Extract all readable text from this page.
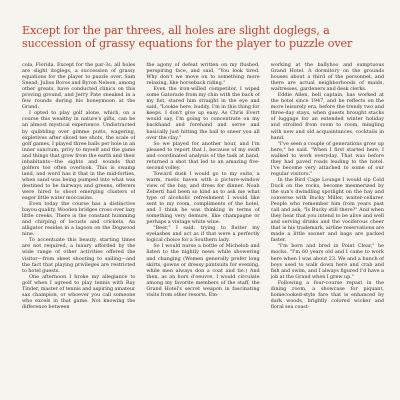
Except for the par threes, all holes are slight doglegs, a succession of grassy equations for the player to puzzle over

cola, Florida. Except for the par-3s, all holes are slight doglegs, a succession of grassy equations for the player to puzzle over. Sam Snead, Julius Boros and Byron Nelson, among other greats, have conducted clinics on this proving ground, and Jerry Pate sneaked in a few rounds during his honeymoon at the Grand.

I opted to play golf alone, which, on a course this wealthy in nature's gifts, can be an almost mystical experience. Undistracted by quibbling over gimme putts, wagering, expletives after sliced tee shots, the scale of golf games, I played three balls per hole in an inner sanctum, privy to myself and the game and things that grow from the earth and their inhabitants—the sights and sounds that golfers too often overlook. This is swamp land, and word has it that in the mid-forties, when sand was being pumped into what was destined to be fairways and greens, offerers were hired to shoot emerging clusters of eager little water moccasins.

Even today the course has a distinctive bayou quality. Wooden bridges cross over lazy little creeks. There is the constant humming and chirping of locusts and crickets. An alligator resides in a lagoon on the Dogwood nine.

To accentuate this beauty, starting times are not required, a luxury afforded by the wide range of other activities offered the visitor—from skeet shooting to sailing—and the fact that playing privileges are restricted to hotel guests.

One afternoon I broke my allegiance to golf when I agreed to play tennis with Ray Tinder, master of tennis and aspiring amateur sax champion, or whoever you call someone who excels in that game. Not knowing the difference between

the agony of defeat written on my flushed, perspiring face, and said, "You look tired. Why don't we move on to something more relaxing, like horseback riding."

Even the iron-willed competitor, I wiped some Gatorade from my chin with the back of my fist, stared him straight in the eye and said, "Lookie here, buddy, I'm in this thing for keeps. I don't give up easy. As Chris Evert would say, I'm going to concentrate on my backhand and forehand and serve and basically just hitting the ball to sneer you all over the clay."

So we played for another hour, and I'm pleased to report that I, because of my swift and coordinated analysis of the task at hand, returned a shot that led to an amazing five-second volley.

Toward dusk I would go to my suite, a warm, rustic haven with a picture-window view of the bay, and dress for dinner. Noah Zeberti had been so kind as to ask me what type of alcoholic refreshment I would like sent to my room, compliments of the hotel, and I think he was thinking in terms of something very demure, like champagne or perhaps a vintage white wine.

"Beer," I said, trying to flutter my eyelashes and act as if that were a perfectly logical choice for a Southern lady.

So I would nurse a bottle of Michelob and listen to the nightly news while showering and changing (Women generally prefer long skirts, gowns or dressy pantsuits for evening, while men always don a coat and tie.) And then, as an hors d'oeuvre, I would circulate among my favorite members of the staff, the Grand Hotel's secret weapon in fascinating visits from other resorts. Em-

working at the ballyhoo and sumptuous Grand Hotel. A dormitory on the grounds houses about a third of the personnel, and there are actual neighborhoods of maids, waitresses, gardeners and desk clerks.

Eddie Allen, bell captain, has worked at the hotel since 1947, and he reflects on the more leisurely era, before the trendy two and three-day stays, when guests brought stacks of luggage for an extended winter holiday and strolled from room to room, mingling with new and old acquaintances, cocktails in hand.

"I've seen a couple of generations grow up here," he said. "When I first started here, I walked to work everyday. That was before they had paved roads leading to the hotel. I've become very attached to some of our regular visitors."

In the Bird Cage Lounge I would sip Cold Duck on the rocks, become mesmerized by the sun's dwindling spotlight on the bay and converse with Bucky Miller, waiter-cellarer. People who remember him from years past call and ask, "Is Bucky still there?" And when they hear that you intend to be alive and well and serving drinks and the vociferous cheer that is his trademark, airline reservations are made a little sooner and bags are packed faster.

"I'm born and bred in Point Clear," he mocks. "I'm 60 years old and I came to work here when I was about 23. We and a bunch of boys used to walk down here and crab and fish and swim, and I always figured I'd have a job at the Grand when I grew up."

Following a four-course repast in the dining room, a showcase for piquant, homecooked-style fare that is enhanced by dark woods, brightly colored wicker and floral sea coast-
